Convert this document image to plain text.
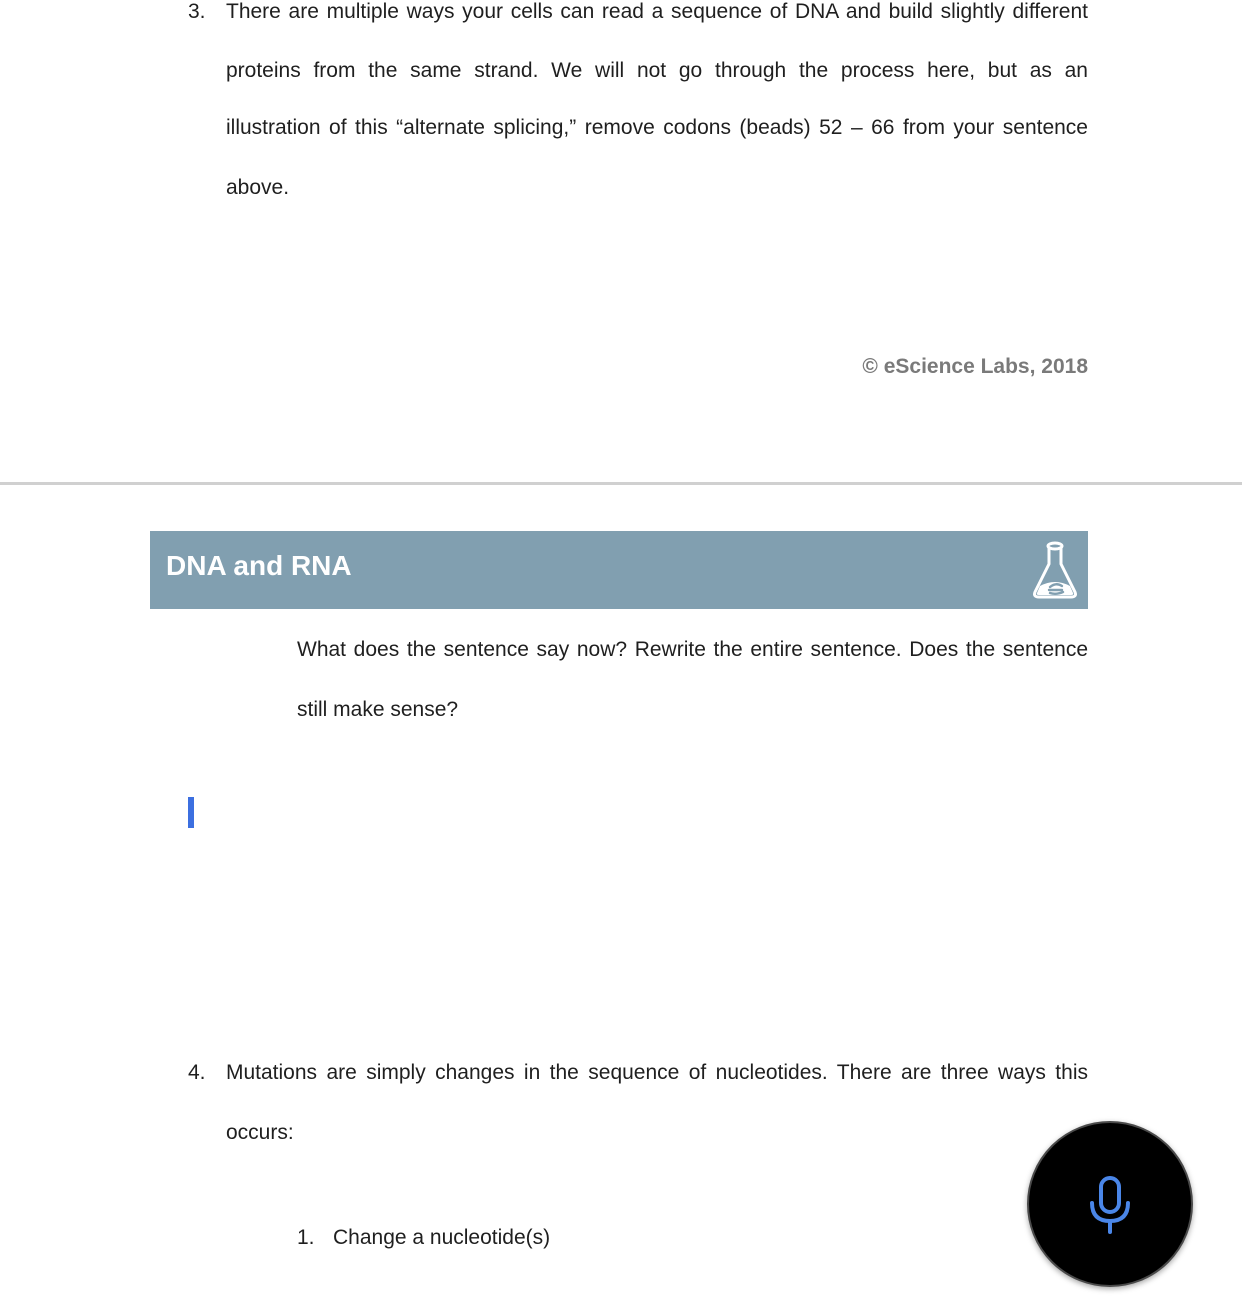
3. There are multiple ways your cells can read a sequence of DNA and build slightly different
proteins from the same strand. We will not go through the process here, but as an
illustration of this “alternate splicing,” remove codons (beads) 52 – 66 from your sentence
above.
© eScience Labs, 2018
DNA and RNA
What does the sentence say now? Rewrite the entire sentence. Does the sentence
still make sense?
4. Mutations are simply changes in the sequence of nucleotides. There are three ways this
occurs:
1. Change a nucleotide(s)
